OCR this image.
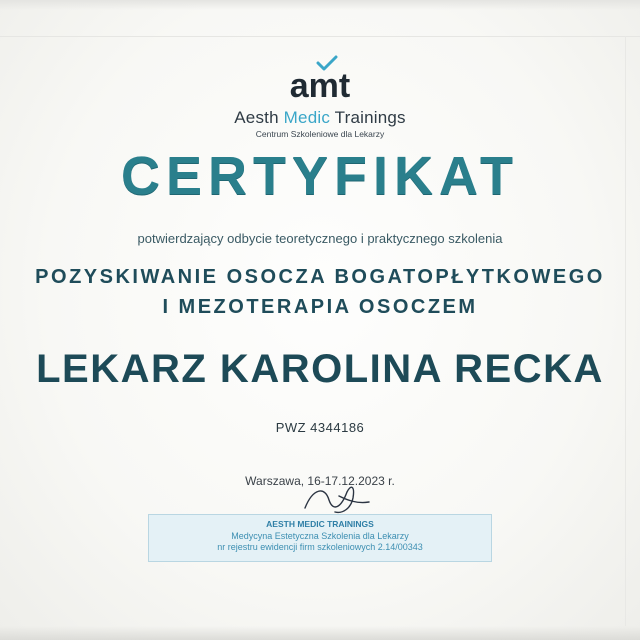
amt
Aesth Medic Trainings
Centrum Szkoleniowe dla Lekarzy
CERTYFIKAT
potwierdzający odbycie teoretycznego i praktycznego szkolenia
POZYSKIWANIE OSOCZA BOGATOPŁYTKOWEGO
I MEZOTERAPIA OSOCZEM
LEKARZ KAROLINA RECKA
PWZ 4344186
Warszawa, 16-17.12.2023 r.
AESTH MEDIC TRAININGS
Medycyna Estetyczna Szkolenia dla Lekarzy
nr rejestru ewidencji firm szkoleniowych 2.14/00343
